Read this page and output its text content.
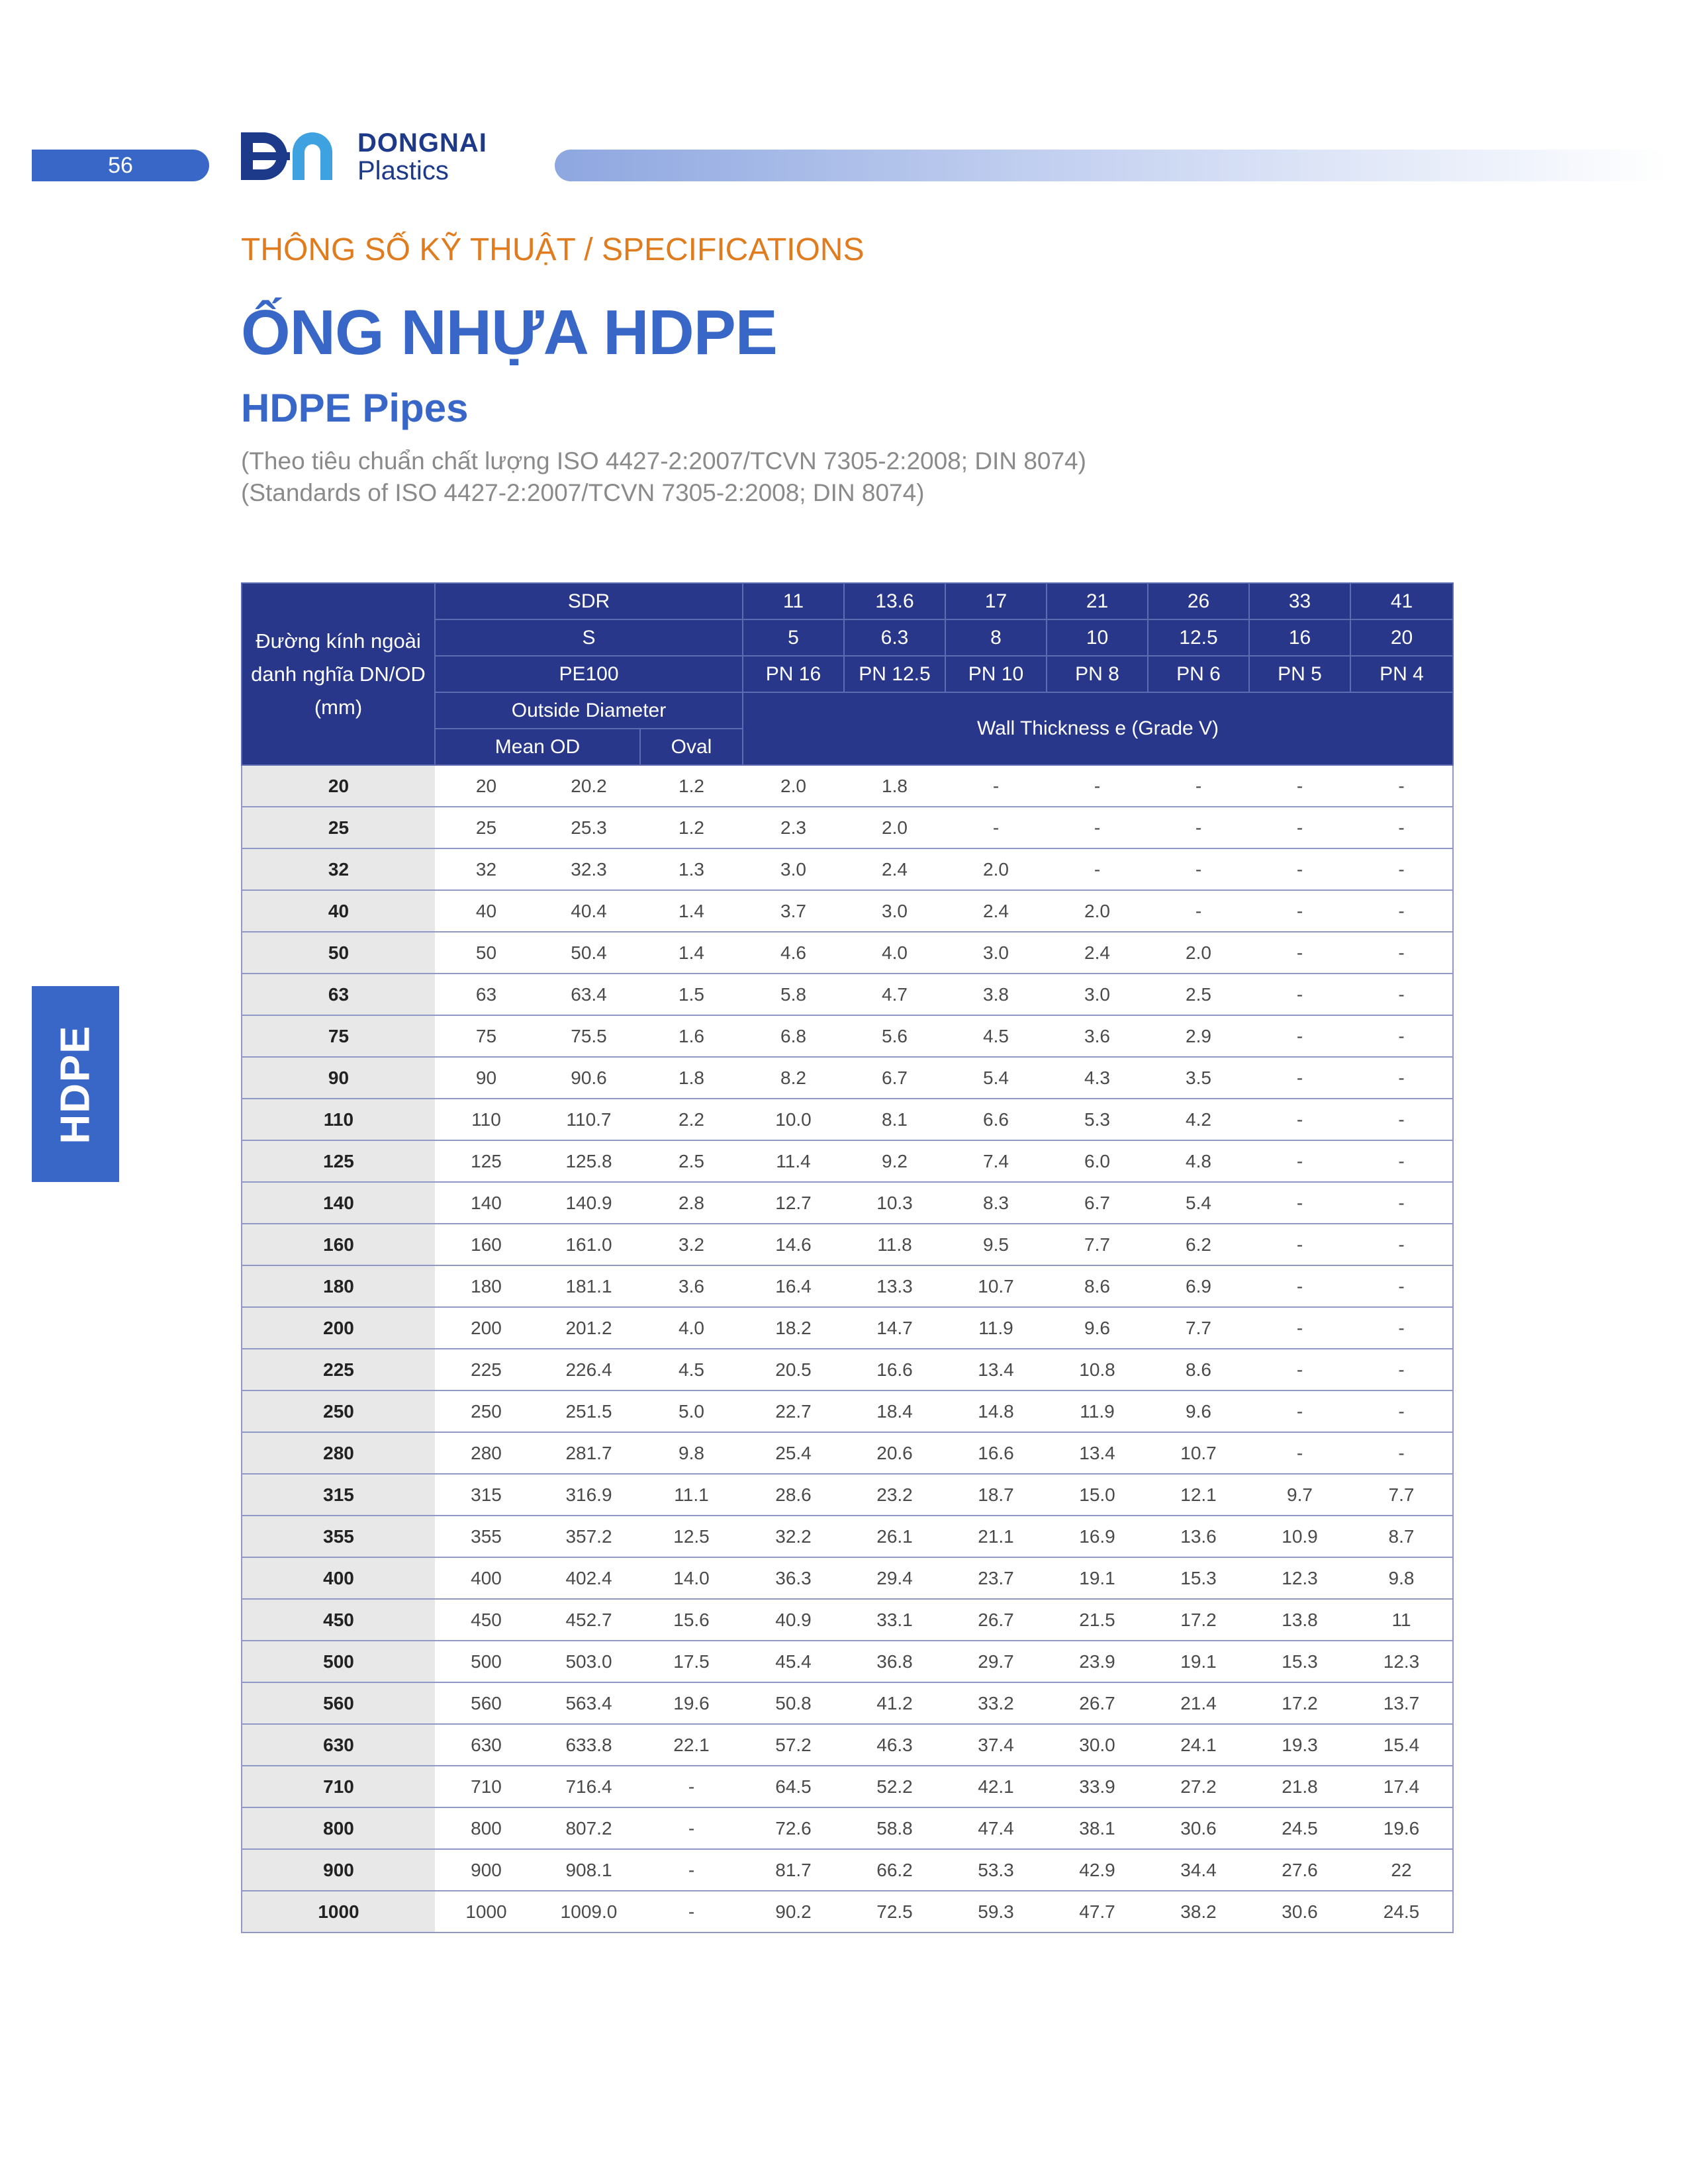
56
DONGNAI
Plastics
HDPE
THÔNG SỐ KỸ THUẬT / SPECIFICATIONS
ỐNG NHỰA HDPE
HDPE Pipes
(Theo tiêu chuẩn chất lượng ISO 4427-2:2007/TCVN 7305-2:2008; DIN 8074)
(Standards of ISO 4427-2:2007/TCVN 7305-2:2008; DIN 8074)
Đường kính ngoài
danh nghĩa DN/OD
(mm)	SDR			11	13.6	17	21	26	33	41
	S			5	6.3	8	10	12.5	16	20
	PE100			PN 16	PN 12.5	PN 10	PN 8	PN 6	PN 5	PN 4
	Outside Diameter			Wall Thickness e (Grade V)						
	Mean OD		Oval							
20	20	20.2	1.2	2.0	1.8	-	-	-	-	-
25	25	25.3	1.2	2.3	2.0	-	-	-	-	-
32	32	32.3	1.3	3.0	2.4	2.0	-	-	-	-
40	40	40.4	1.4	3.7	3.0	2.4	2.0	-	-	-
50	50	50.4	1.4	4.6	4.0	3.0	2.4	2.0	-	-
63	63	63.4	1.5	5.8	4.7	3.8	3.0	2.5	-	-
75	75	75.5	1.6	6.8	5.6	4.5	3.6	2.9	-	-
90	90	90.6	1.8	8.2	6.7	5.4	4.3	3.5	-	-
110	110	110.7	2.2	10.0	8.1	6.6	5.3	4.2	-	-
125	125	125.8	2.5	11.4	9.2	7.4	6.0	4.8	-	-
140	140	140.9	2.8	12.7	10.3	8.3	6.7	5.4	-	-
160	160	161.0	3.2	14.6	11.8	9.5	7.7	6.2	-	-
180	180	181.1	3.6	16.4	13.3	10.7	8.6	6.9	-	-
200	200	201.2	4.0	18.2	14.7	11.9	9.6	7.7	-	-
225	225	226.4	4.5	20.5	16.6	13.4	10.8	8.6	-	-
250	250	251.5	5.0	22.7	18.4	14.8	11.9	9.6	-	-
280	280	281.7	9.8	25.4	20.6	16.6	13.4	10.7	-	-
315	315	316.9	11.1	28.6	23.2	18.7	15.0	12.1	9.7	7.7
355	355	357.2	12.5	32.2	26.1	21.1	16.9	13.6	10.9	8.7
400	400	402.4	14.0	36.3	29.4	23.7	19.1	15.3	12.3	9.8
450	450	452.7	15.6	40.9	33.1	26.7	21.5	17.2	13.8	11
500	500	503.0	17.5	45.4	36.8	29.7	23.9	19.1	15.3	12.3
560	560	563.4	19.6	50.8	41.2	33.2	26.7	21.4	17.2	13.7
630	630	633.8	22.1	57.2	46.3	37.4	30.0	24.1	19.3	15.4
710	710	716.4	-	64.5	52.2	42.1	33.9	27.2	21.8	17.4
800	800	807.2	-	72.6	58.8	47.4	38.1	30.6	24.5	19.6
900	900	908.1	-	81.7	66.2	53.3	42.9	34.4	27.6	22
1000	1000	1009.0	-	90.2	72.5	59.3	47.7	38.2	30.6	24.5
